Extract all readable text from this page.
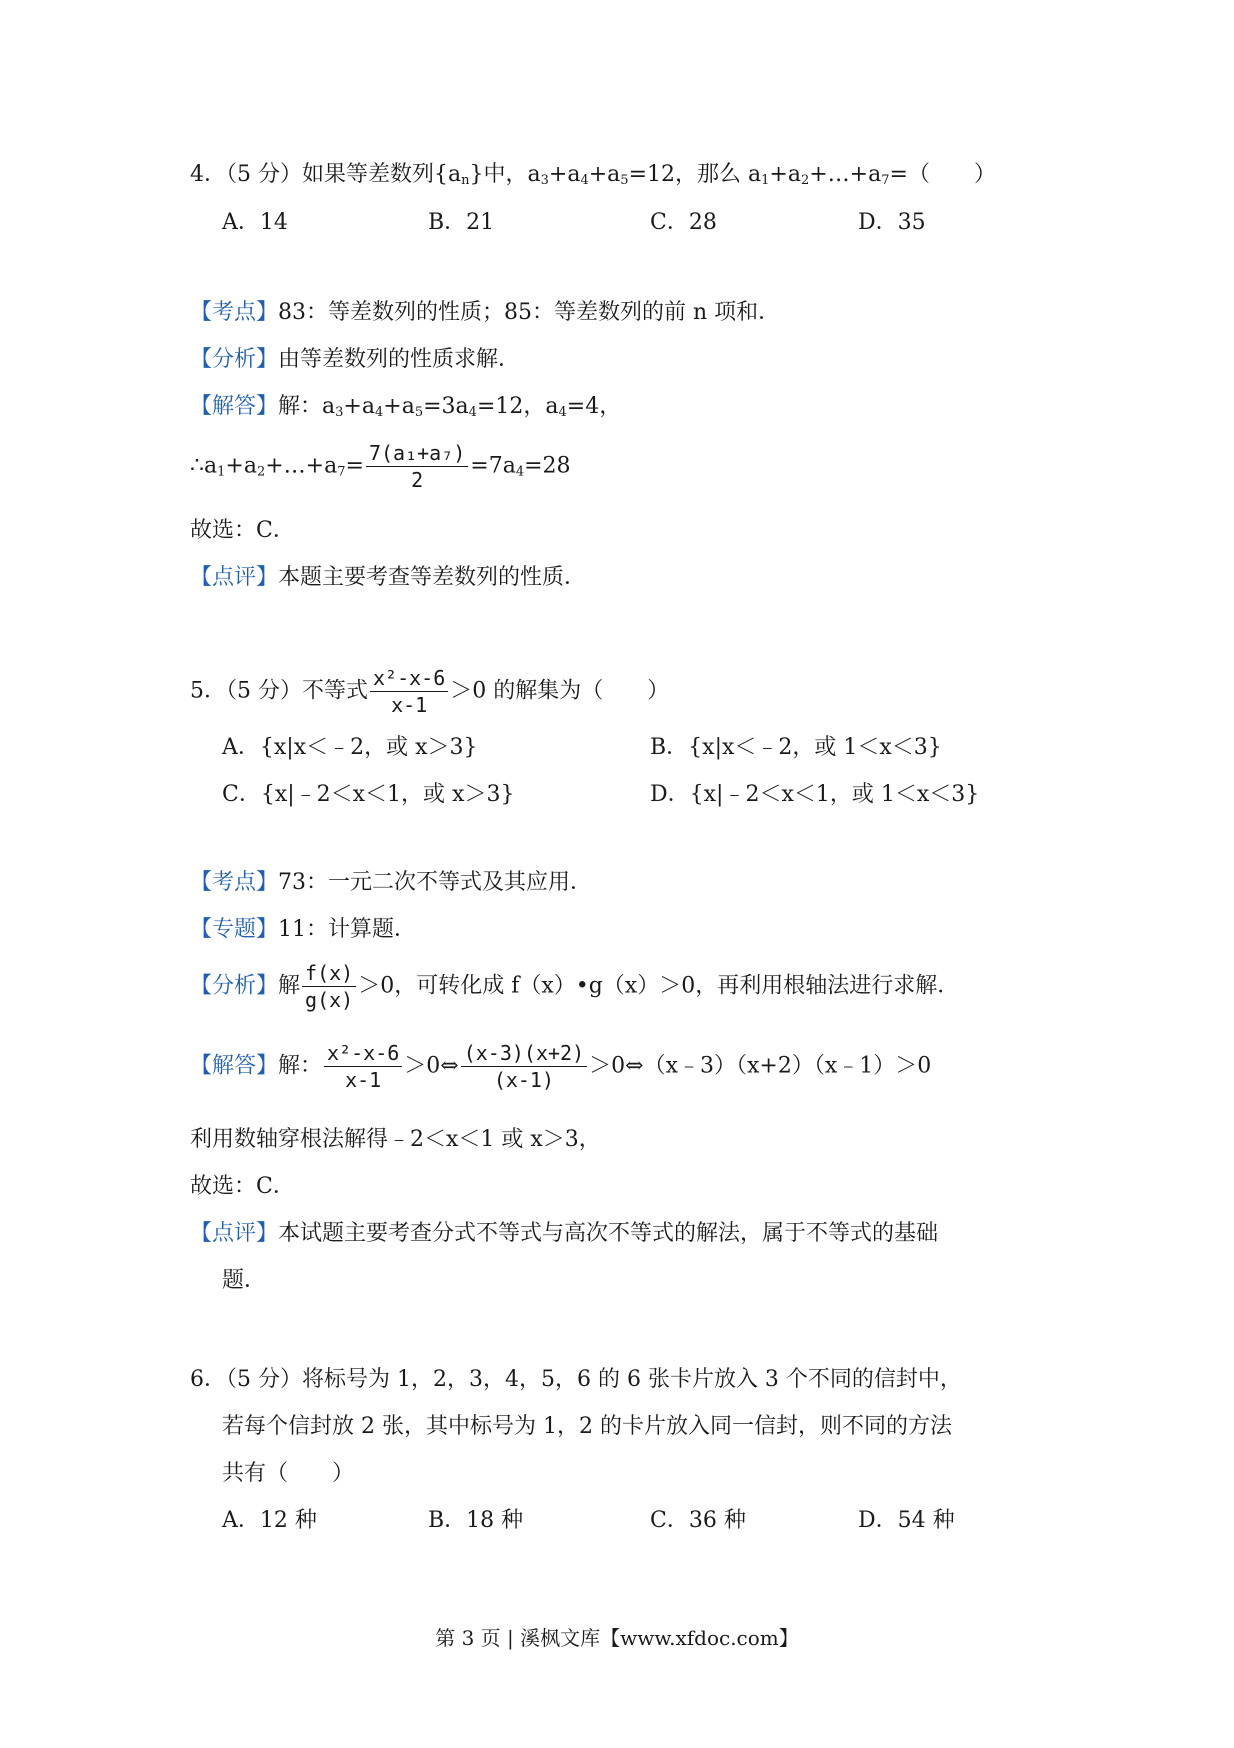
4．（5 分）如果等差数列$\{a_n\}$中，$a_3+a_4+a_5=12$，那么 $a_1+a_2+\dots+a_7=$（　　）
A．14	B．21	C．28	D．35
【考点】83：等差数列的性质；85：等差数列的前 n 项和．
【分析】由等差数列的性质求解．
【解答】解：$a_3+a_4+a_5=3a_4=12$，$a_4=4$，
$\therefore a_1+a_2+\dots+a_7= \frac{\text{7(a₁+a₇)}}{2} =7a_4=28$
故选：C．
【点评】本题主要考查等差数列的性质．
5．（5 分）不等式 $\frac{\text{x²-x-6}}{x-1} >0$ 的解集为（　　）
A．{x|x＜﹣2，或 x＞3}	B．{x|x＜﹣2，或 1＜x＜3}
C．{x|﹣2＜x＜1，或 x＞3}	D．{x|﹣2＜x＜1，或 1＜x＜3}
【考点】73：一元二次不等式及其应用．
【专题】11：计算题．
【分析】解 $\frac{f(x)}{g(x)} >0$，可转化成 f（x）•g（x）＞0，再利用根轴法进行求解．
【解答】解： $\frac{\text{x²-x-6}}{x-1}$ ＞0⇔ $\frac{(x-3)(x+2)}{(x-1)}$ ＞0⇔（x﹣3）（x+2）（x﹣1）＞0
利用数轴穿根法解得﹣2＜x＜1 或 x＞3，
故选：C．
【点评】本试题主要考查分式不等式与高次不等式的解法，属于不等式的基础
题．
6．（5 分）将标号为 1，2，3，4，5，6 的 6 张卡片放入 3 个不同的信封中，
若每个信封放 2 张，其中标号为 1，2 的卡片放入同一信封，则不同的方法
共有（　　）
A．12 种	B．18 种	C．36 种	D．54 种
第 3 页 | 溪枫文库【www.xfdoc.com】
